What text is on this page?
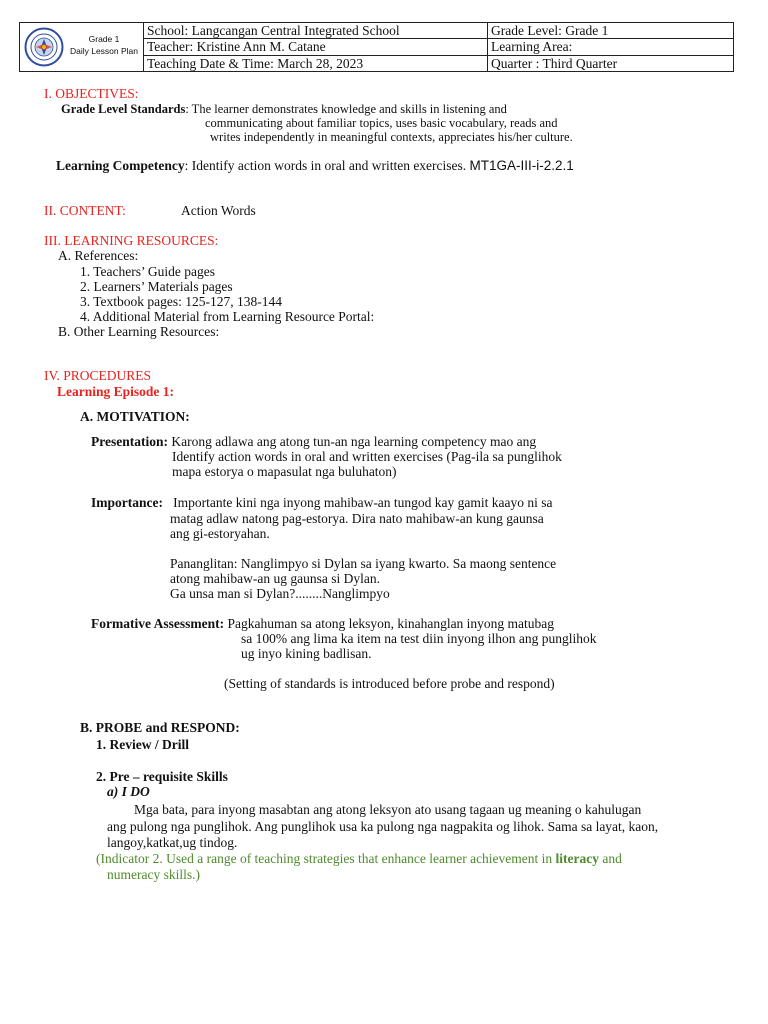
Grade 1
Daily Lesson Plan	School: Langcangan Central Integrated School	Grade Level: Grade 1
	Teacher: Kristine Ann M. Catane	Learning Area:
	Teaching Date & Time: March 28, 2023	Quarter : Third Quarter
I. OBJECTIVES:
Grade Level Standards: The learner demonstrates knowledge and skills in listening and
communicating about familiar topics, uses basic vocabulary, reads and
writes independently in meaningful contexts, appreciates his/her culture.
Learning Competency: Identify action words in oral and written exercises. MT1GA-III-i-2.2.1
II. CONTENT:	Action Words
III. LEARNING RESOURCES:
A. References:
1. Teachers’ Guide pages
2. Learners’ Materials pages
3. Textbook pages: 125-127, 138-144
4. Additional Material from Learning Resource Portal:
B. Other Learning Resources:
IV. PROCEDURES
Learning Episode 1:
A. MOTIVATION:
Presentation: Karong adlawa ang atong tun-an nga learning competency mao ang
Identify action words in oral and written exercises (Pag-ila sa punglihok
mapa estorya o mapasulat nga buluhaton)
Importance: Importante kini nga inyong mahibaw-an tungod kay gamit kaayo ni sa
matag adlaw natong pag-estorya. Dira nato mahibaw-an kung gaunsa
ang gi-estoryahan.
Pananglitan: Nanglimpyo si Dylan sa iyang kwarto. Sa maong sentence
atong mahibaw-an ug gaunsa si Dylan.
Ga unsa man si Dylan?........Nanglimpyo
Formative Assessment: Pagkahuman sa atong leksyon, kinahanglan inyong matubag
sa 100% ang lima ka item na test diin inyong ilhon ang punglihok
ug inyo kining badlisan.
(Setting of standards is introduced before probe and respond)
B. PROBE and RESPOND:
1. Review / Drill
2. Pre – requisite Skills
a) I DO
Mga bata, para inyong masabtan ang atong leksyon ato usang tagaan ug meaning o kahulugan
ang pulong nga punglihok. Ang punglihok usa ka pulong nga nagpakita og lihok. Sama sa layat, kaon,
langoy,katkat,ug tindog.
(Indicator 2. Used a range of teaching strategies that enhance learner achievement in literacy and
numeracy skills.)
